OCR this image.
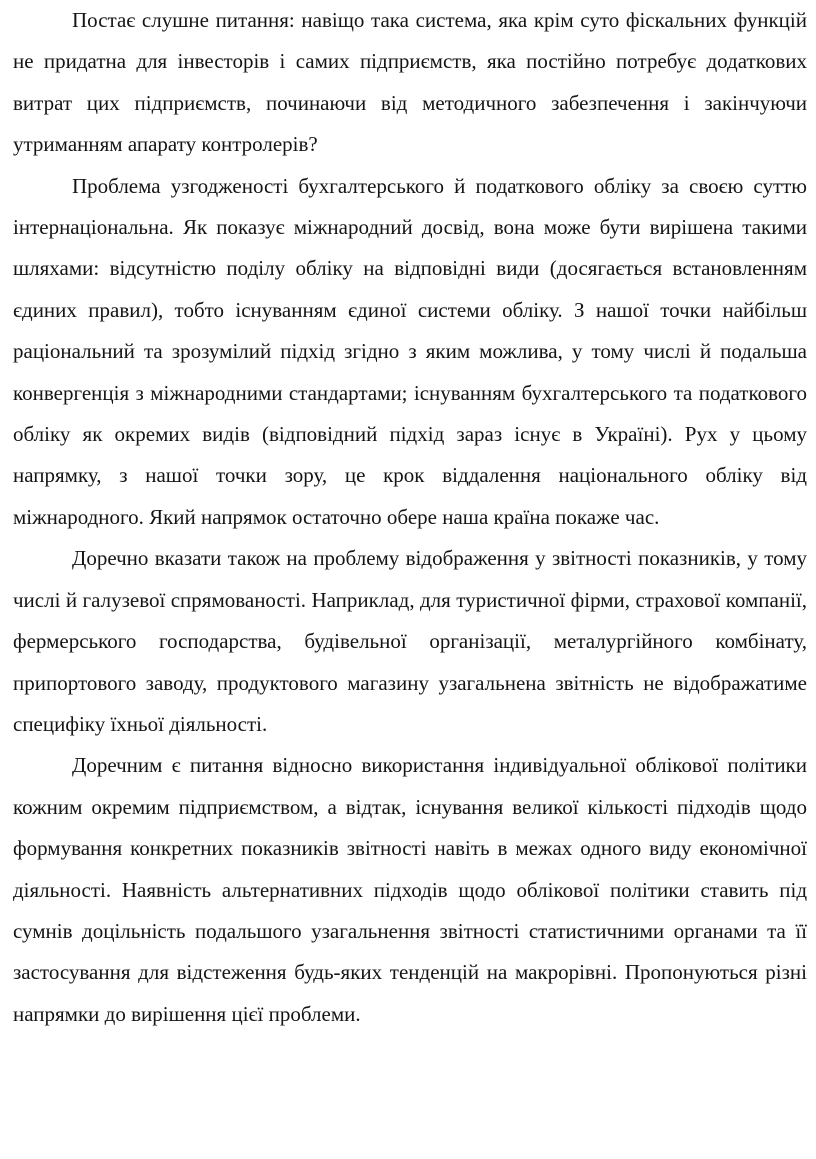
Постає слушне питання: навіщо така система, яка крім суто фіскальних функцій не придатна для інвесторів і самих підприємств, яка постійно потребує додаткових витрат цих підприємств, починаючи від методичного забезпечення і закінчуючи утриманням апарату контролерів?

Проблема узгодженості бухгалтерського й податкового обліку за своєю суттю інтернаціональна. Як показує міжнародний досвід, вона може бути вирішена такими шляхами: відсутністю поділу обліку на відповідні види (досягається встановленням єдиних правил), тобто існуванням єдиної системи обліку. З нашої точки найбільш раціональний та зрозумілий підхід згідно з яким можлива, у тому числі й подальша конвергенція з міжнародними стандартами; існуванням бухгалтерського та податкового обліку як окремих видів (відповідний підхід зараз існує в Україні). Рух у цьому напрямку, з нашої точки зору, це крок віддалення національного обліку від міжнародного. Який напрямок остаточно обере наша країна покаже час.

Доречно вказати також на проблему відображення у звітності показників, у тому числі й галузевої спрямованості. Наприклад, для туристичної фірми, страхової компанії, фермерського господарства, будівельної організації, металургійного комбінату, припортового заводу, продуктового магазину узагальнена звітність не відображатиме специфіку їхньої діяльності.

Доречним є питання відносно використання індивідуальної облікової політики кожним окремим підприємством, а відтак, існування великої кількості підходів щодо формування конкретних показників звітності навіть в межах одного виду економічної діяльності. Наявність альтернативних підходів щодо облікової політики ставить під сумнів доцільність подальшого узагальнення звітності статистичними органами та її застосування для відстеження будь-яких тенденцій на макрорівні. Пропонуються різні напрямки до вирішення цієї проблеми.
